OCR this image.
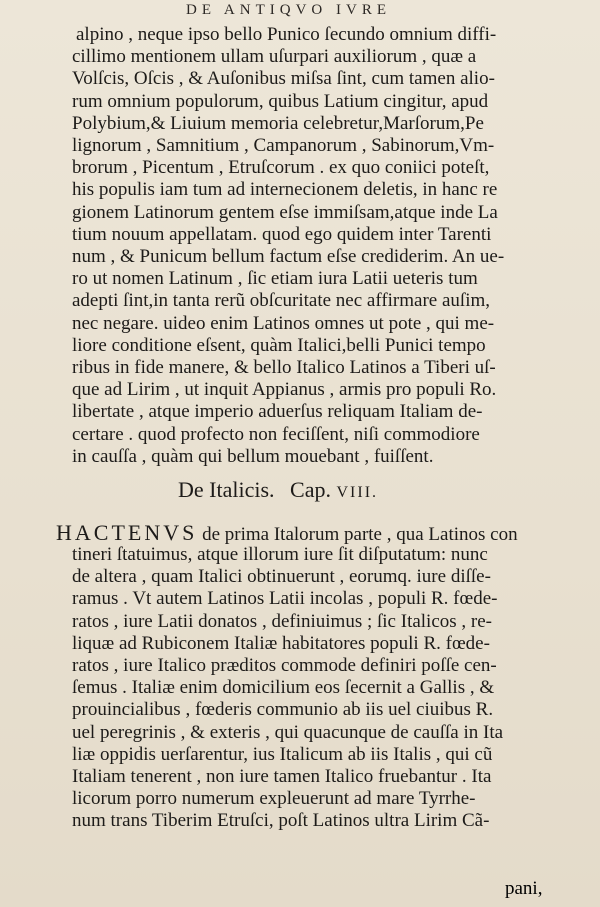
DE ANTIQVO IVRE
alpino , neque ipso bello Punico ſecundo omnium diffi-
cillimo mentionem ullam uſurpari auxiliorum , quæ a
Volſcis, Oſcis , & Auſonibus miſsa ſint, cum tamen alio-
rum omnium populorum, quibus Latium cingitur, apud
Polybium,& Liuium memoria celebretur,Marſorum,Pe
lignorum , Samnitium , Campanorum , Sabinorum,Vm-
brorum , Picentum , Etruſcorum . ex quo coniici poteſt,
his populis iam tum ad internecionem deletis, in hanc re
gionem Latinorum gentem eſse immiſsam,atque inde La
tium nouum appellatam. quod ego quidem inter Tarenti
num , & Punicum bellum factum eſse crediderim. An ue-
ro ut nomen Latinum , ſic etiam iura Latii ueteris tum
adepti ſint,in tanta rerũ obſcuritate nec affirmare auſim,
nec negare. uideo enim Latinos omnes ut pote , qui me-
liore conditione eſsent, quàm Italici,belli Punici tempo
ribus in fide manere, & bello Italico Latinos a Tiberi uſ-
que ad Lirim , ut inquit Appianus , armis pro populi Ro.
libertate , atque imperio aduerſus reliquam Italiam de-
certare . quod profecto non feciſſent, niſi commodiore
in cauſſa , quàm qui bellum mouebant , fuiſſent.
De Italicis. Cap. VIII.
HACTENVS de prima Italorum parte , qua Latinos con
tineri ſtatuimus, atque illorum iure ſit diſputatum: nunc
de altera , quam Italici obtinuerunt , eorumq. iure diſſe-
ramus . Vt autem Latinos Latii incolas , populi R. fœde-
ratos , iure Latii donatos , definiuimus ; ſic Italicos , re-
liquæ ad Rubiconem Italiæ habitatores populi R. fœde-
ratos , iure Italico præditos commode definiri poſſe cen-
ſemus . Italiæ enim domicilium eos ſecernit a Gallis , &
prouincialibus , fœderis communio ab iis uel ciuibus R.
uel peregrinis , & exteris , qui quacunque de cauſſa in Ita
liæ oppidis uerſarentur, ius Italicum ab iis Italis , qui cũ
Italiam tenerent , non iure tamen Italico fruebantur . Ita
licorum porro numerum expleuerunt ad mare Tyrrhe-
num trans Tiberim Etruſci, poſt Latinos ultra Lirim Cã-
pani,
